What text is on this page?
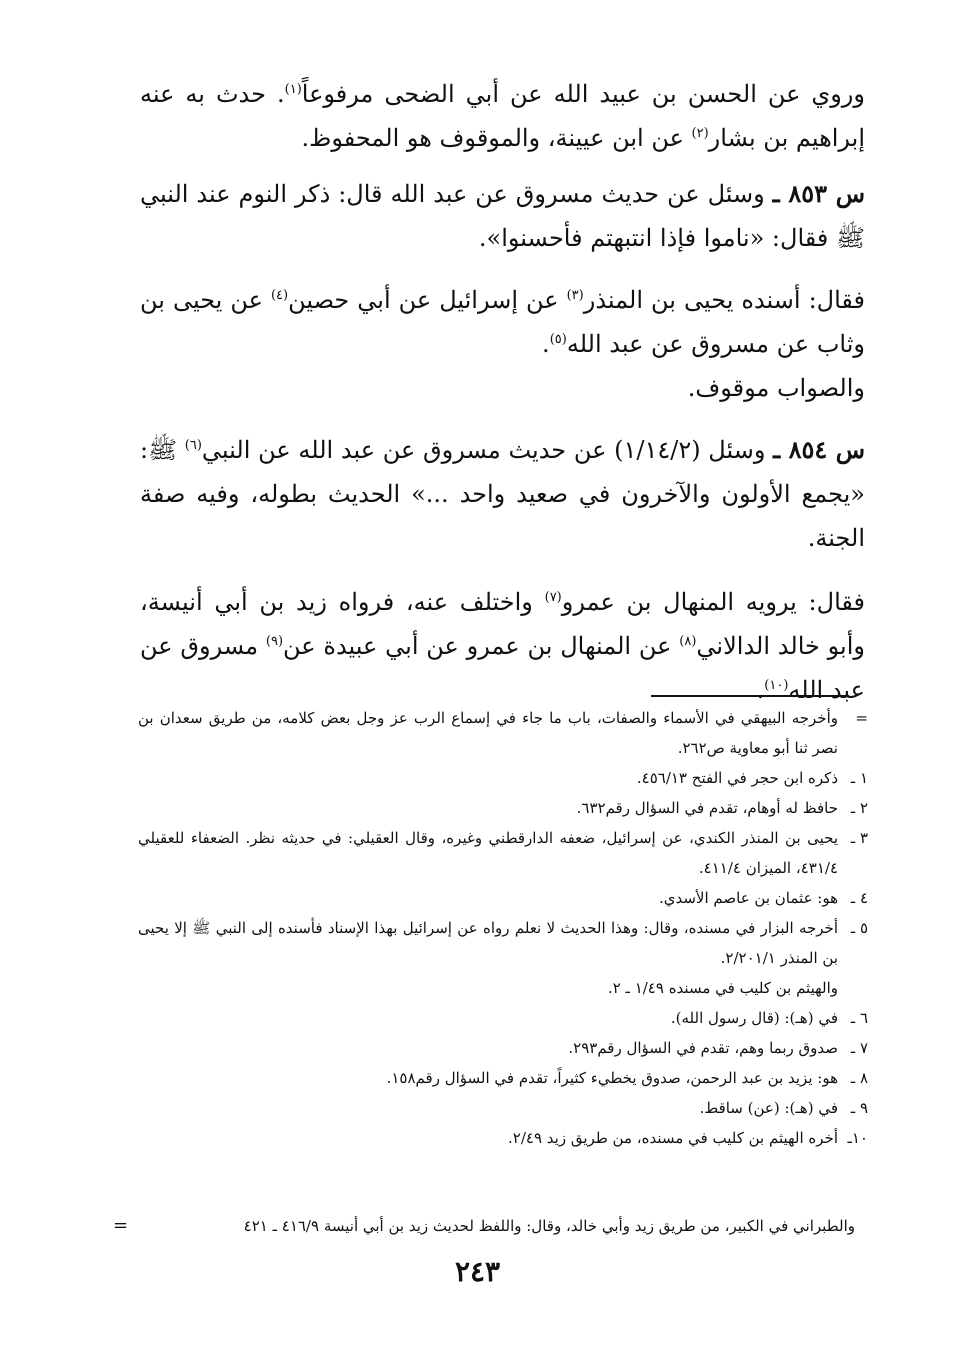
وروي عن الحسن بن عبيد الله عن أبي الضحى مرفوعاً$^{(١)}$. حدث به عنه إبراهيم بن بشار$^{(٢)}$ عن ابن عيينة، والموقوف هو المحفوظ.

س ٨٥٣ ـ وسئل عن حديث مسروق عن عبد الله قال: ذكر النوم عند النبي ﷺ فقال: «ناموا فإذا انتبهتم فأحسنوا».

فقال: أسنده يحيى بن المنذر$^{(٣)}$ عن إسرائيل عن أبي حصين$^{(٤)}$ عن يحيى بن وثاب عن مسروق عن عبد الله$^{(٥)}$.

والصواب موقوف.

س ٨٥٤ ـ وسئل (١/١٤/٢) عن حديث مسروق عن عبد الله عن النبي$^{(٦)}$ ﷺ: «يجمع الأولون والآخرون في صعيد واحد ...» الحديث بطوله، وفيه صفة الجنة.

فقال: يرويه المنهال بن عمرو$^{(٧)}$ واختلف عنه، فرواه زيد بن أبي أنيسة، وأبو خالد الدالاني$^{(٨)}$ عن المنهال بن عمرو عن أبي عبيدة عن$^{(٩)}$ مسروق عن عبد الله$^{(١٠)}$.

=
وأخرجه البيهقي في الأسماء والصفات، باب ما جاء في إسماع الرب عز وجل بعض كلامه، من طريق سعدان بن نصر ثنا أبو معاوية ص٢٦٢.

١ ـ
ذكره ابن حجر في الفتح ٤٥٦/١٣.

٢ ـ
حافظ له أوهام، تقدم في السؤال رقم٦٣٢.

٣ ـ
يحيى بن المنذر الكندي، عن إسرائيل، ضعفه الدارقطني وغيره، وقال العقيلي: في حديثه نظر. الضعفاء للعقيلي ٤٣١/٤، الميزان ٤١١/٤.

٤ ـ
هو: عثمان بن عاصم الأسدي.

٥ ـ
أخرجه البزار في مسنده، وقال: وهذا الحديث لا نعلم رواه عن إسرائيل بهذا الإسناد فأسنده إلى النبي ﷺ إلا يحيى بن المنذر ٢/٢٠١/١.

والهيثم بن كليب في مسنده ١/٤٩ ـ ٢.

٦ ـ
في (هـ): (قال رسول الله).

٧ ـ
صدوق ربما وهم، تقدم في السؤال رقم٢٩٣.

٨ ـ
هو: يزيد بن عبد الرحمن، صدوق يخطيء كثيراً، تقدم في السؤال رقم١٥٨.

٩ ـ
في (هـ): (عن) ساقط.

١٠ـ
أخره الهيثم بن كليب في مسنده، من طريق زيد ٢/٤٩.

والطبراني في الكبير، من طريق زيد وأبي خالد، وقال: واللفظ لحديث زيد بن أبي أنيسة ٤١٦/٩ ـ ٤٢١
=
٢٤٣
